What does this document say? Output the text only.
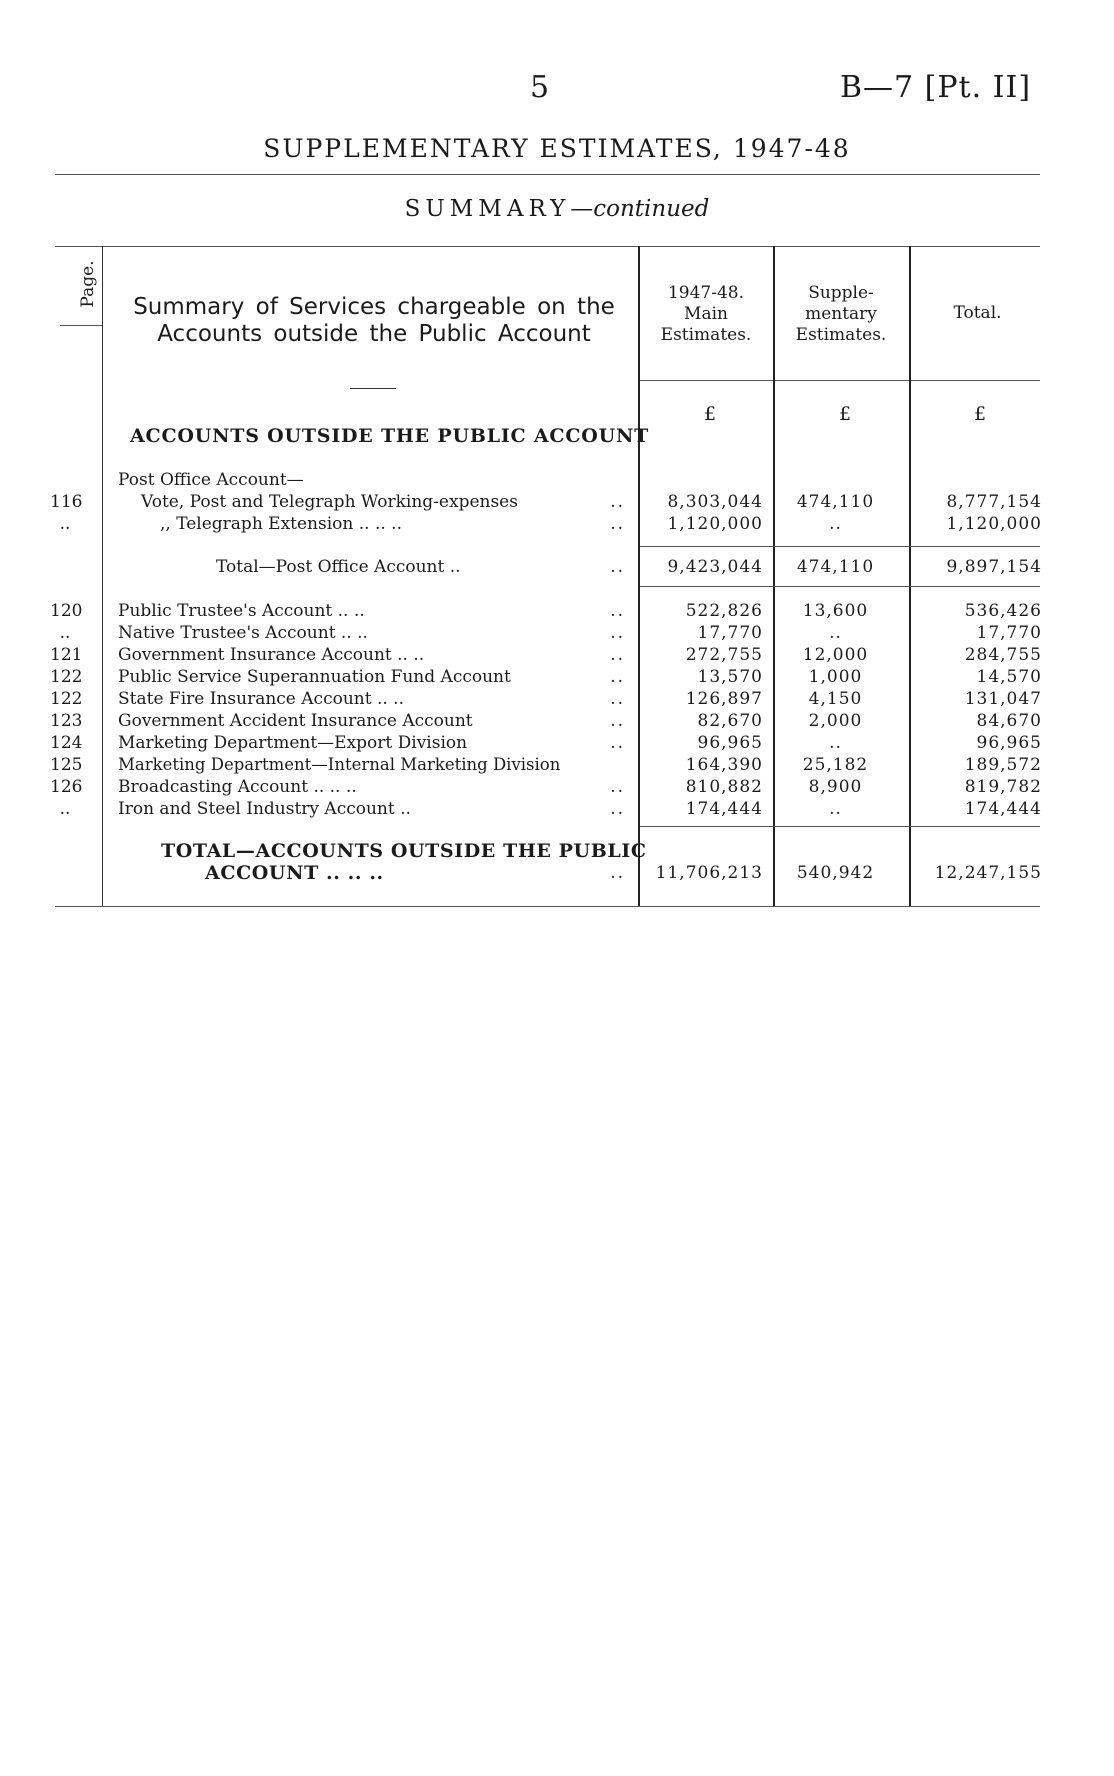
5	B—7 [Pt. II]
SUPPLEMENTARY ESTIMATES, 1947-48
SUMMARY—continued
Page.	Summary of Services chargeable on the Accounts outside the Public Account
1947-48. Main Estimates.
Supple- mentary Estimates.
Total.
£	£	£
ACCOUNTS OUTSIDE THE PUBLIC ACCOUNT
Post Office Account—
116	Vote, Post and Telegraph Working-expenses	..	8,303,044	474,110	8,777,154
..	,, Telegraph Extension .. .. ..	..	1,120,000	..	1,120,000
Total—Post Office Account ..	..	9,423,044	474,110	9,897,154
120 Public Trustee's Account .. ..	..	522,826	13,600	536,426
..	Native Trustee's Account .. ..	..	17,770	..	17,770
121 Government Insurance Account .. ..	..	272,755	12,000	284,755
122 Public Service Superannuation Fund Account	..	13,570	1,000	14,570
122 State Fire Insurance Account .. ..	..	126,897	4,150	131,047
123 Government Accident Insurance Account	..	82,670	2,000	84,670
124 Marketing Department—Export Division	..	96,965	..	96,965
125 Marketing Department—Internal Marketing Division	164,390	25,182	189,572
126 Broadcasting Account .. .. ..	..	810,882	8,900	819,782
..	Iron and Steel Industry Account ..	..	174,444	..	174,444
TOTAL—ACCOUNTS OUTSIDE THE PUBLIC
ACCOUNT .. .. ..	..	11,706,213	540,942	12,247,155
